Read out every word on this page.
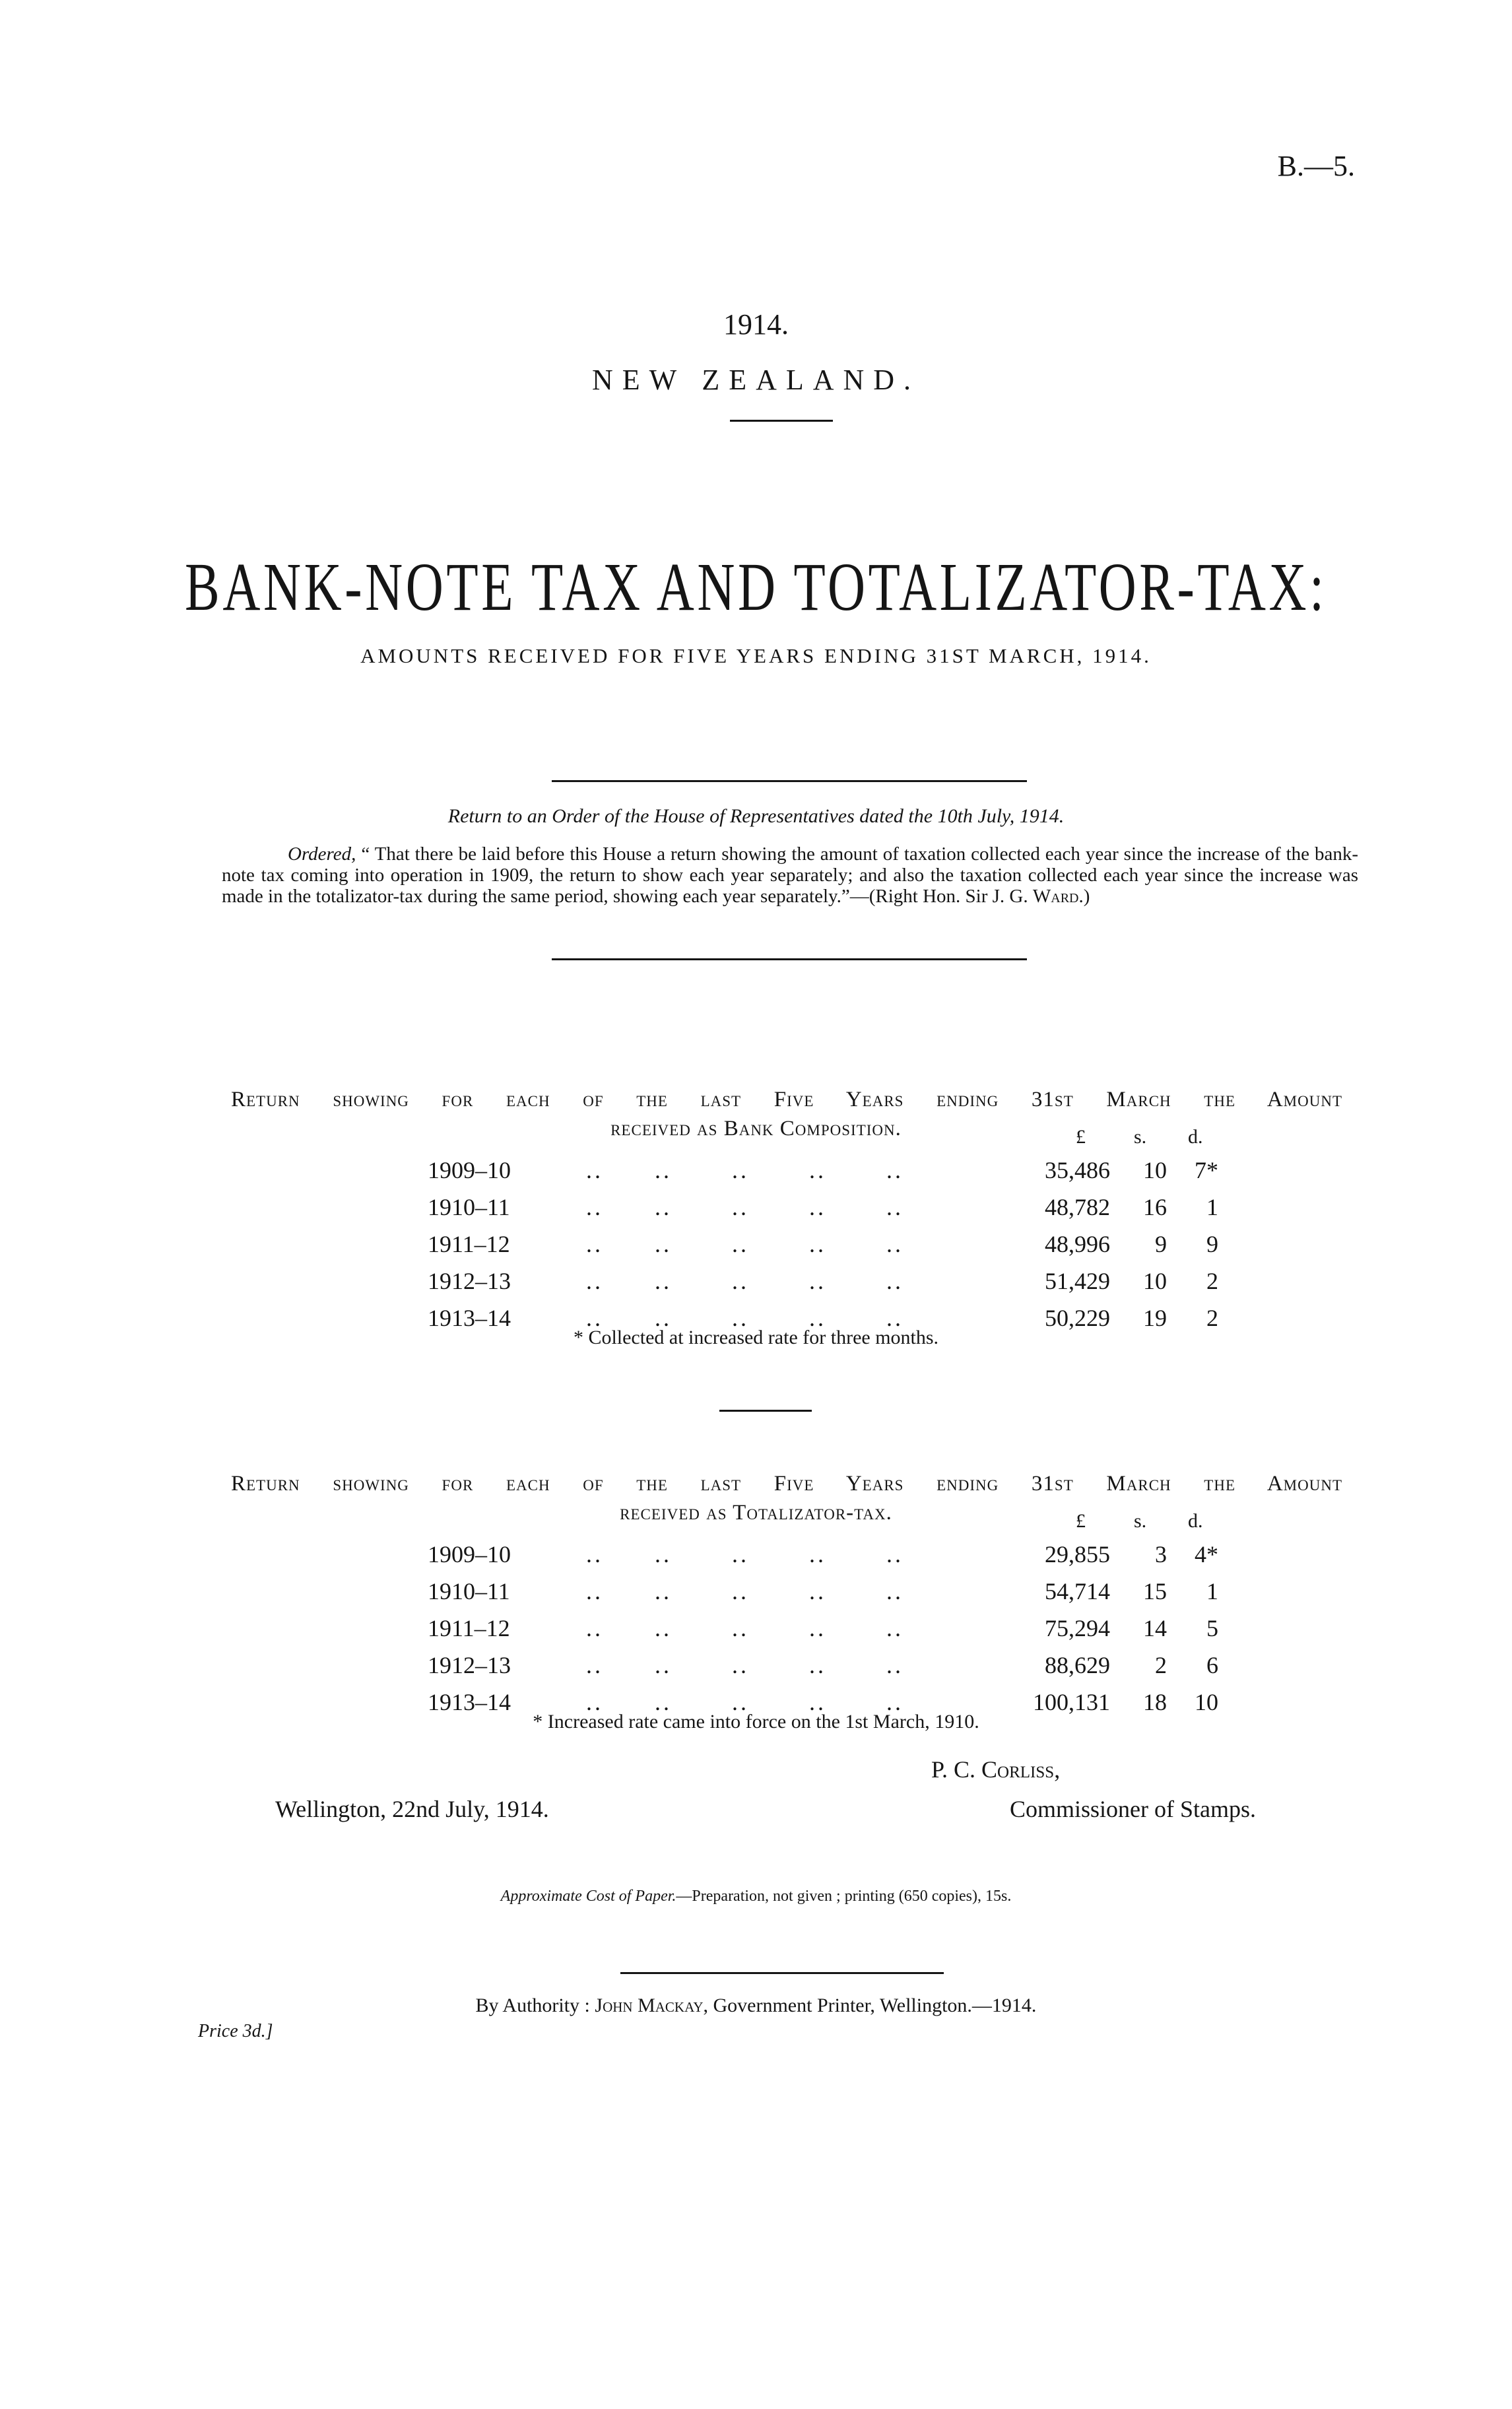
B.—5.
1914.
NEW ZEALAND.
BANK-NOTE TAX AND TOTALIZATOR-TAX:
AMOUNTS RECEIVED FOR FIVE YEARS ENDING 31ST MARCH, 1914.
Return to an Order of the House of Representatives dated the 10th July, 1914.
Ordered, “ That there be laid before this House a return showing the amount of taxation collected each year since the increase of the bank-note tax coming into operation in 1909, the return to show each year separately; and also the taxation collected each year since the increase was made in the totalizator-tax during the same period, showing each year separately.”—(Right Hon. Sir J. G. Ward.)
Return showing for each of the last Five Years ending 31st March the Amount
received as Bank Composition.	£ s. d.
1909–10	..      ..       ..       ..       ..	35,486	10	7*
1910–11	..      ..       ..       ..       ..	48,782	16	1
1911–12	..      ..       ..       ..       ..	48,996	9	9
1912–13	..      ..       ..       ..       ..	51,429	10	2
1913–14	..      ..       ..       ..       ..	50,229	19	2
* Collected at increased rate for three months.
Return showing for each of the last Five Years ending 31st March the Amount
received as Totalizator-tax.	£ s. d.
1909–10	..      ..       ..       ..       ..	29,855	3	4*
1910–11	..      ..       ..       ..       ..	54,714	15	1
1911–12	..      ..       ..       ..       ..	75,294	14	5
1912–13	..      ..       ..       ..       ..	88,629	2	6
1913–14	..      ..       ..       ..       ..	100,131	18	10
* Increased rate came into force on the 1st March, 1910.
P. C. Corliss,
Commissioner of Stamps.
Wellington, 22nd July, 1914.
Approximate Cost of Paper.—Preparation, not given ; printing (650 copies), 15s.
By Authority : John Mackay, Government Printer, Wellington.—1914.
Price 3d.]
